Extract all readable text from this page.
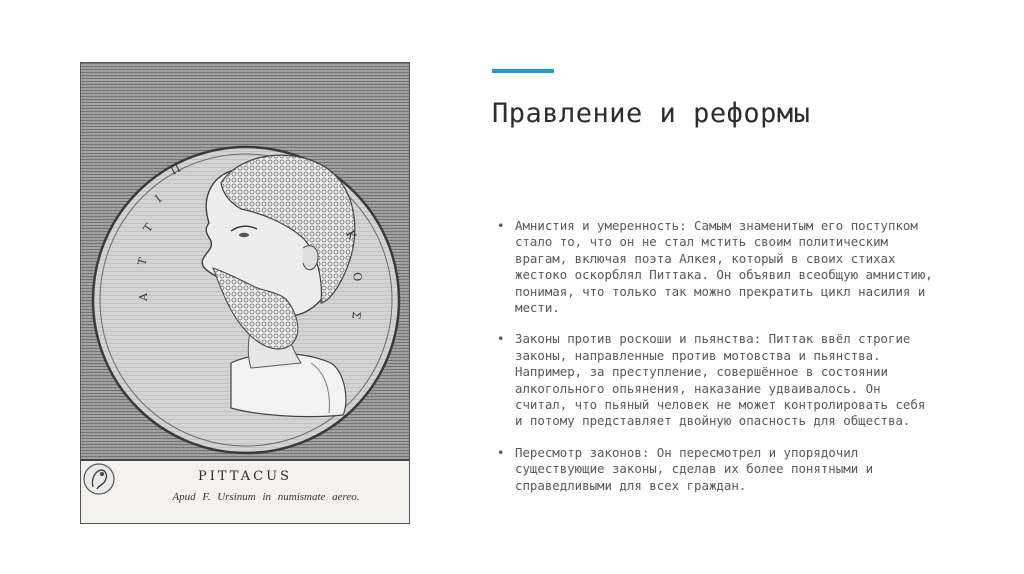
Π
Ι
Τ
Τ
Α
Κ
Ο
Σ
PITTACUS
Apud F. Ursinum in numismate aereo.
Правление и реформы
• Амнистия и умеренность: Самым знаменитым его поступком стало то, что он не стал мстить своим политическим врагам, включая поэта Алкея, который в своих стихах жестоко оскорблял Питтака. Он объявил всеобщую амнистию, понимая, что только так можно прекратить цикл насилия и мести.
• Законы против роскоши и пьянства: Питтак ввёл строгие законы, направленные против мотовства и пьянства. Например, за преступление, совершённое в состоянии алкогольного опьянения, наказание удваивалось. Он считал, что пьяный человек не может контролировать себя и потому представляет двойную опасность для общества.
• Пересмотр законов: Он пересмотрел и упорядочил существующие законы, сделав их более понятными и справедливыми для всех граждан.
